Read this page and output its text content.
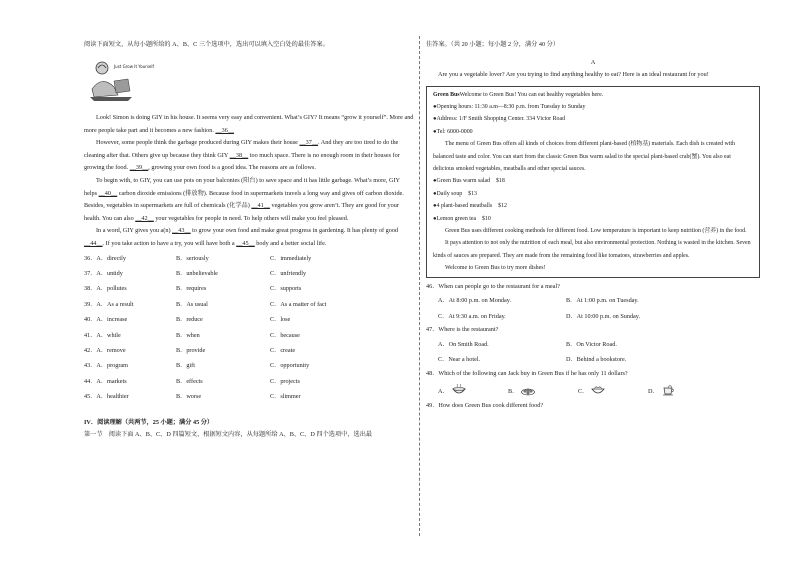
阅读下面短文，从每小题所给的 A、B、C 三个选项中，选出可以填入空白处的最佳答案。

Just Grow It Yourself

Look! Simon is doing GIY in his house. It seems very easy and convenient. What’s GIY? It means “grow it yourself”. More and more people take part and it becomes a new fashion. __36__

However, some people think the garbage produced during GIY makes their house __37__. And they are too tired to do the cleaning after that. Others give up because they think GIY __38__ too much space. There is no enough room in their houses for growing the food. __39__, growing your own food is a good idea. The reasons are as follows.

To begin with, to GIY, you can use pots on your balconies (阳台) to save space and it has little garbage. What’s more, GIY helps __40__ carbon dioxide emissions (排放物). Because food in supermarkets travels a long way and gives off carbon dioxide. Besides, vegetables in supermarkets are full of chemicals (化学品) __41__ vegetables you grow aren’t. They are good for your health. You can also __42__ your vegetables for people in need. To help others will make you feel pleased.

In a word, GIY gives you a(n) __43__ to grow your own food and make great progress in gardening. It has plenty of good __44__. If you take action to have a try, you will have both a __45__ body and a better social life.

36．A．directly	B．seriously	C．immediately
37．A．untidy	B．unbelievable	C．unfriendly
38．A．pollutes	B．requires	C．supports
39．A．As a result	B．As usual	C．As a matter of fact
40．A．increase	B．reduce	C．lose
41．A．while	B．when	C．because
42．A．remove	B．provide	C．create
43．A．program	B．gift	C．opportunity
44．A．markets	B．effects	C．projects
45．A．healthier	B．worse	C．slimmer

IV．阅读理解（共两节，25 小题；满分 45 分）

第一节　阅读下面 A、B、C、D 四篇短文，根据短文内容，从每题所给 A、B、C、D 四个选项中，选出最

佳答案。（共 20 小题；每小题 2 分，满分 40 分）

A

Are you a vegetable lover? Are you trying to find anything healthy to eat? Here is an ideal restaurant for you!

Green BusWelcome to Green Bus! You can eat healthy vegetables here.

●Opening hours: 11:30 a.m—8:30 p.m. from Tuesday to Sunday

●Address: 1/F Smith Shopping Center. 334 Victor Road

●Tel: 6000-0000

The menu of Green Bus offers all kinds of choices from different plant-based (植物基) materials. Each dish is created with balanced taste and color. You can start from the classic Green Bus warm salad to the special plant-based crab(蟹). You also eat delicious smoked vegetables, meatballs and other special sauces.

●Green Bus warm salad　$18

●Daily soup　$13

●4 plant-based meatballs　$12

●Lemon green tea　$10

Green Bus uses different cooking methods for different food. Low temperature is important to keep nutrition (营养) in the food.

It pays attention to not only the nutrition of each meal, but also environmental protection. Nothing is wasted in the kitchen. Seven kinds of sauces are prepared. They are made from the remaining food like tomatoes, strawberries and apples.

Welcome to Green Bus to try more dishes!

46．When can people go to the restaurant for a meal?

A．At 8:00 p.m. on Monday.	B．At 1:00 p.m. on Tuesday.
C．At 9:30 a.m. on Friday.	D．At 10:00 p.m. on Sunday.

47．Where is the restaurant?

A．On Smith Road.	B．On Victor Road.
C．Near a hotel.	D．Behind a bookstore.

48．Which of the following can Jack buy in Green Bus if he has only 11 dollars?

A．	B．	C．	D．

49．How does Green Bus cook different food?
